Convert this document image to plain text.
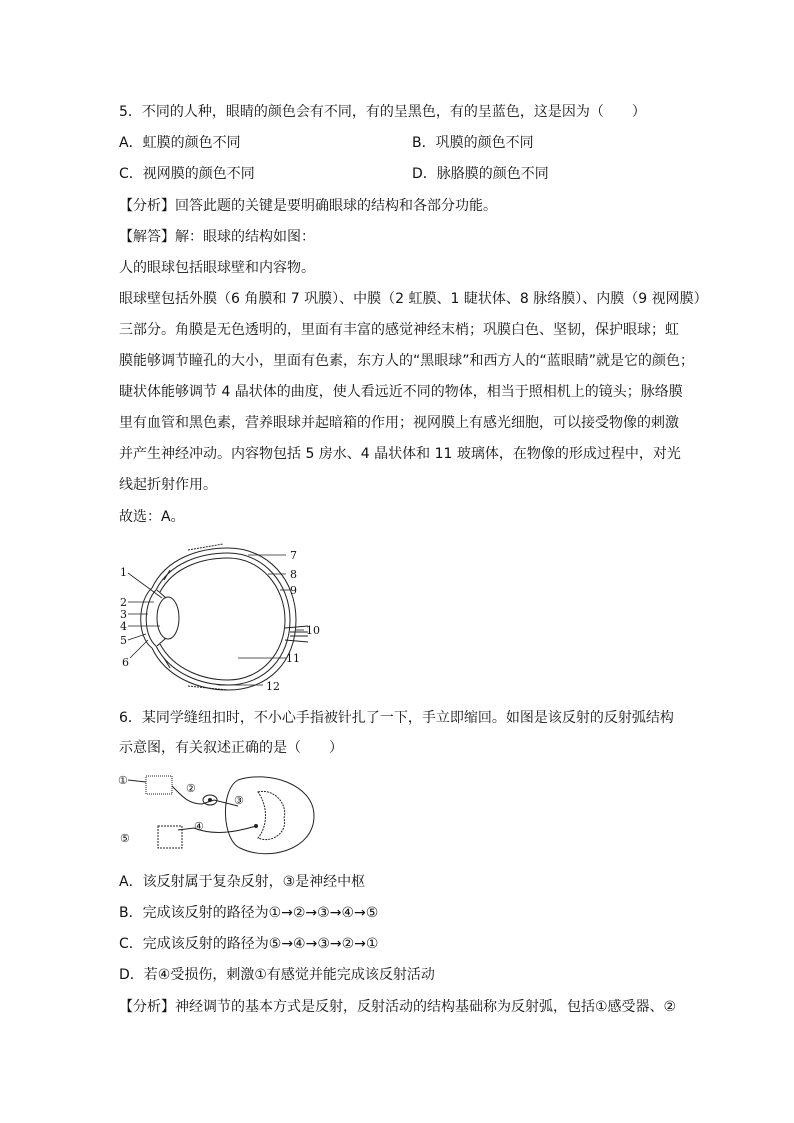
5．不同的人种，眼睛的颜色会有不同，有的呈黑色，有的呈蓝色，这是因为（　　）
A．虹膜的颜色不同	B．巩膜的颜色不同
C．视网膜的颜色不同	D．脉胳膜的颜色不同
【分析】回答此题的关键是要明确眼球的结构和各部分功能。
【解答】解：眼球的结构如图：
人的眼球包括眼球壁和内容物。
眼球壁包括外膜（6 角膜和 7 巩膜）、中膜（2 虹膜、1 睫状体、8 脉络膜）、内膜（9 视网膜）
三部分。角膜是无色透明的，里面有丰富的感觉神经末梢；巩膜白色、坚韧，保护眼球；虹
膜能够调节瞳孔的大小，里面有色素，东方人的“黑眼球”和西方人的“蓝眼睛”就是它的颜色；
睫状体能够调节 4 晶状体的曲度，使人看远近不同的物体，相当于照相机上的镜头；脉络膜
里有血管和黑色素，营养眼球并起暗箱的作用；视网膜上有感光细胞，可以接受物像的刺激
并产生神经冲动。内容物包括 5 房水、4 晶状体和 11 玻璃体，在物像的形成过程中，对光
线起折射作用。
故选：A。
1
2
3
4
5
6
7
8
9
10
11
12
6．某同学缝纽扣时，不小心手指被针扎了一下，手立即缩回。如图是该反射的反射弧结构
示意图，有关叙述正确的是（　　）
①
②
③
④
⑤
A．该反射属于复杂反射，③是神经中枢
B．完成该反射的路径为①→②→③→④→⑤
C．完成该反射的路径为⑤→④→③→②→①
D．若④受损伤，刺激①有感觉并能完成该反射活动
【分析】神经调节的基本方式是反射，反射活动的结构基础称为反射弧，包括①感受器、②
